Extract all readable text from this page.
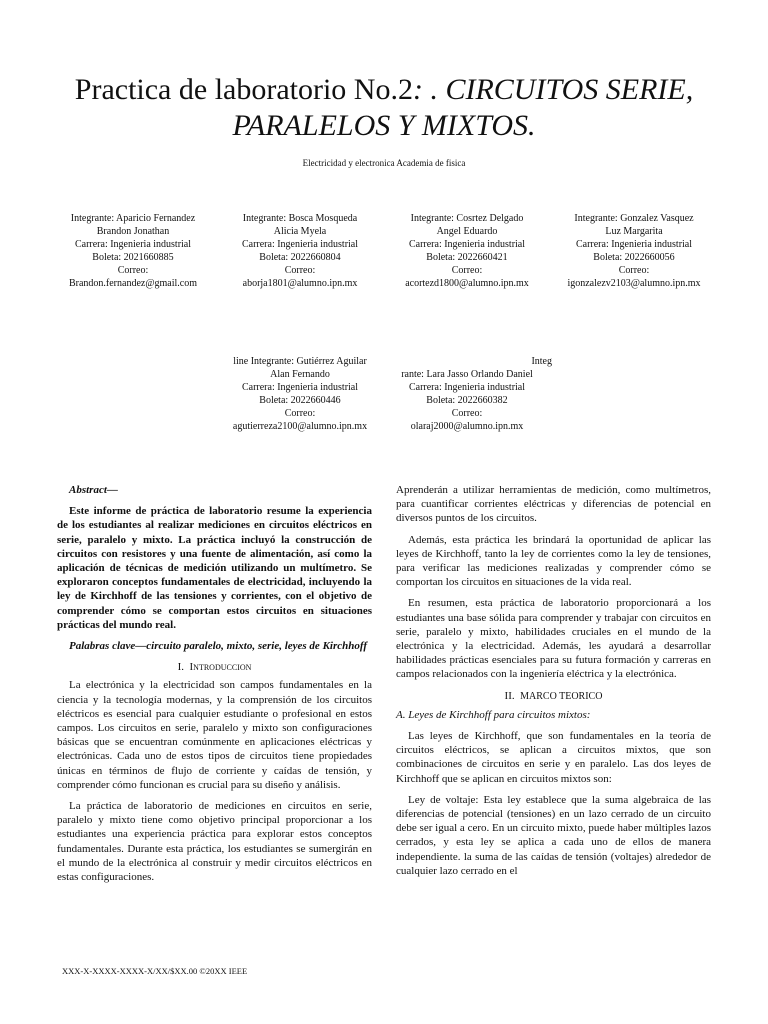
Practica de laboratorio No.2: . CIRCUITOS SERIE,
PARALELOS Y MIXTOS.
Electricidad y electronica Academia de fisica
Integrante: Aparicio Fernandez
Brandon Jonathan
Carrera: Ingenieria industrial
Boleta: 2021660885
Correo:
Brandon.fernandez@gmail.com
Integrante: Bosca Mosqueda
Alicia Myela
Carrera: Ingenieria industrial
Boleta: 2022660804
Correo:
aborja1801@alumno.ipn.mx
Integrante: Cosrtez Delgado
Angel Eduardo
Carrera: Ingenieria industrial
Boleta: 2022660421
Correo:
acortezd1800@alumno.ipn.mx
Integrante: Gonzalez Vasquez
Luz Margarita
Carrera: Ingenieria industrial
Boleta: 2022660056
Correo:
igonzalezv2103@alumno.ipn.mx
line Integrante: Gutiérrez Aguilar
Alan Fernando
Carrera: Ingenieria industrial
Boleta: 2022660446
Correo:
agutierreza2100@alumno.ipn.mx
Integ
rante: Lara Jasso Orlando Daniel
Carrera: Ingenieria industrial
Boleta: 2022660382
Correo:
olaraj2000@alumno.ipn.mx

Abstract—

Este informe de práctica de laboratorio resume la experiencia de los estudiantes al realizar mediciones en circuitos eléctricos en serie, paralelo y mixto. La práctica incluyó la construcción de circuitos con resistores y una fuente de alimentación, así como la aplicación de técnicas de medición utilizando un multímetro. Se exploraron conceptos fundamentales de electricidad, incluyendo la ley de Kirchhoff de las tensiones y corrientes, con el objetivo de comprender cómo se comportan estos circuitos en situaciones prácticas del mundo real.

Palabras clave—circuito paralelo, mixto, serie, leyes de Kirchhoff

I. Introduccion

La electrónica y la electricidad son campos fundamentales en la ciencia y la tecnología modernas, y la comprensión de los circuitos eléctricos es esencial para cualquier estudiante o profesional en estos campos. Los circuitos en serie, paralelo y mixto son configuraciones básicas que se encuentran comúnmente en aplicaciones eléctricas y electrónicas. Cada uno de estos tipos de circuitos tiene propiedades únicas en términos de flujo de corriente y caídas de tensión, y comprender cómo funcionan es crucial para su diseño y análisis.

La práctica de laboratorio de mediciones en circuitos en serie, paralelo y mixto tiene como objetivo principal proporcionar a los estudiantes una experiencia práctica para explorar estos conceptos fundamentales. Durante esta práctica, los estudiantes se sumergirán en el mundo de la electrónica al construir y medir circuitos eléctricos en estas configuraciones.

Aprenderán a utilizar herramientas de medición, como multímetros, para cuantificar corrientes eléctricas y diferencias de potencial en diversos puntos de los circuitos.

Además, esta práctica les brindará la oportunidad de aplicar las leyes de Kirchhoff, tanto la ley de corrientes como la ley de tensiones, para verificar las mediciones realizadas y comprender cómo se comportan los circuitos en situaciones de la vida real.

En resumen, esta práctica de laboratorio proporcionará a los estudiantes una base sólida para comprender y trabajar con circuitos en serie, paralelo y mixto, habilidades cruciales en el mundo de la electrónica y la electricidad. Además, les ayudará a desarrollar habilidades prácticas esenciales para su futura formación y carreras en campos relacionados con la ingeniería eléctrica y la electrónica.

II. MARCO TEORICO

A. Leyes de Kirchhoff para circuitos mixtos:

Las leyes de Kirchhoff, que son fundamentales en la teoría de circuitos eléctricos, se aplican a circuitos mixtos, que son combinaciones de circuitos en serie y en paralelo. Las dos leyes de Kirchhoff que se aplican en circuitos mixtos son:

Ley de voltaje: Esta ley establece que la suma algebraica de las diferencias de potencial (tensiones) en un lazo cerrado de un circuito debe ser igual a cero. En un circuito mixto, puede haber múltiples lazos cerrados, y esta ley se aplica a cada uno de ellos de manera independiente. la suma de las caídas de tensión (voltajes) alrededor de cualquier lazo cerrado en el

XXX-X-XXXX-XXXX-X/XX/$XX.00 ©20XX IEEE
